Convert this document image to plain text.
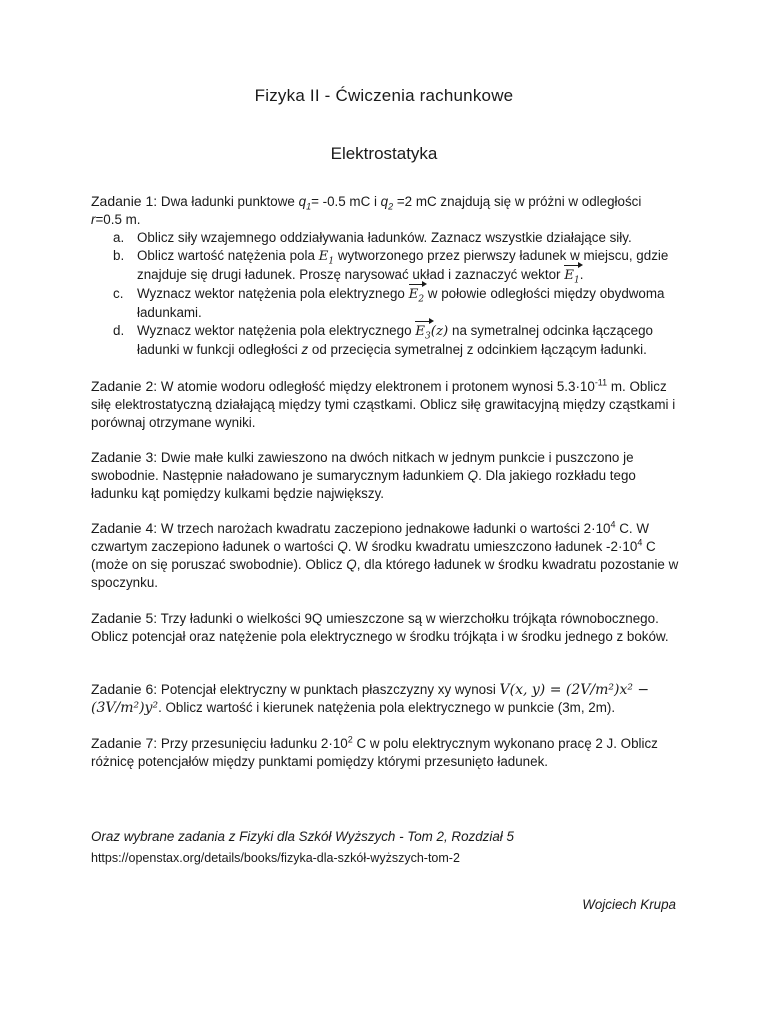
Fizyka II - Ćwiczenia rachunkowe
Elektrostatyka
Zadanie 1: Dwa ładunki punktowe $q_1= -0.5$ mC i $q_2 =2$ mC znajdują się w próżni w odległości
r=0.5 m.
a. Oblicz siły wzajemnego oddziaływania ładunków. Zaznacz wszystkie działające siły.
b. Oblicz wartość natężenia pola $E_1$ wytworzonego przez pierwszy ładunek w miejscu, gdzie znajduje się drugi ładunek. Proszę narysować układ i zaznaczyć wektor $E_1$.
c. Wyznacz wektor natężenia pola elektryznego $E_2$ w połowie odległości między obydwoma ładunkami.
d. Wyznacz wektor natężenia pola elektrycznego $E_3(z)$ na symetralnej odcinka łączącego ładunki w funkcji odległości z od przecięcia symetralnej z odcinkiem łączącym ładunki.
Zadanie 2: W atomie wodoru odległość między elektronem i protonem wynosi $5.3\cdot 10^{-11}$ m. Oblicz siłę elektrostatyczną działającą między tymi cząstkami. Oblicz siłę grawitacyjną między cząstkami i porównaj otrzymane wyniki.
Zadanie 3: Dwie małe kulki zawieszono na dwóch nitkach w jednym punkcie i puszczono je swobodnie. Następnie naładowano je sumarycznym ładunkiem Q. Dla jakiego rozkładu tego ładunku kąt pomiędzy kulkami będzie największy.
Zadanie 4: W trzech narożach kwadratu zaczepiono jednakowe ładunki o wartości $2\cdot 10^4$ C. W czwartym zaczepiono ładunek o wartości Q. W środku kwadratu umieszczono ładunek $-2\cdot 10^4$ C (może on się poruszać swobodnie). Oblicz Q, dla którego ładunek w środku kwadratu pozostanie w spoczynku.
Zadanie 5: Trzy ładunki o wielkości 9Q umieszczone są w wierzchołku trójkąta równobocznego. Oblicz potencjał oraz natężenie pola elektrycznego w środku trójkąta i w środku jednego z boków.
Zadanie 6: Potencjał elektryczny w punktach płaszczyzny xy wynosi V(x, y) = (2V/m²)x² − (3V/m²)y². Oblicz wartość i kierunek natężenia pola elektrycznego w punkcie (3m, 2m).
Zadanie 7: Przy przesunięciu ładunku $2\cdot 10^2$ C w polu elektrycznym wykonano pracę 2 J. Oblicz różnicę potencjałów między punktami pomiędzy którymi przesunięto ładunek.
Oraz wybrane zadania z Fizyki dla Szkół Wyższych - Tom 2, Rozdział 5
https://openstax.org/details/books/fizyka-dla-szkół-wyższych-tom-2
Wojciech Krupa
